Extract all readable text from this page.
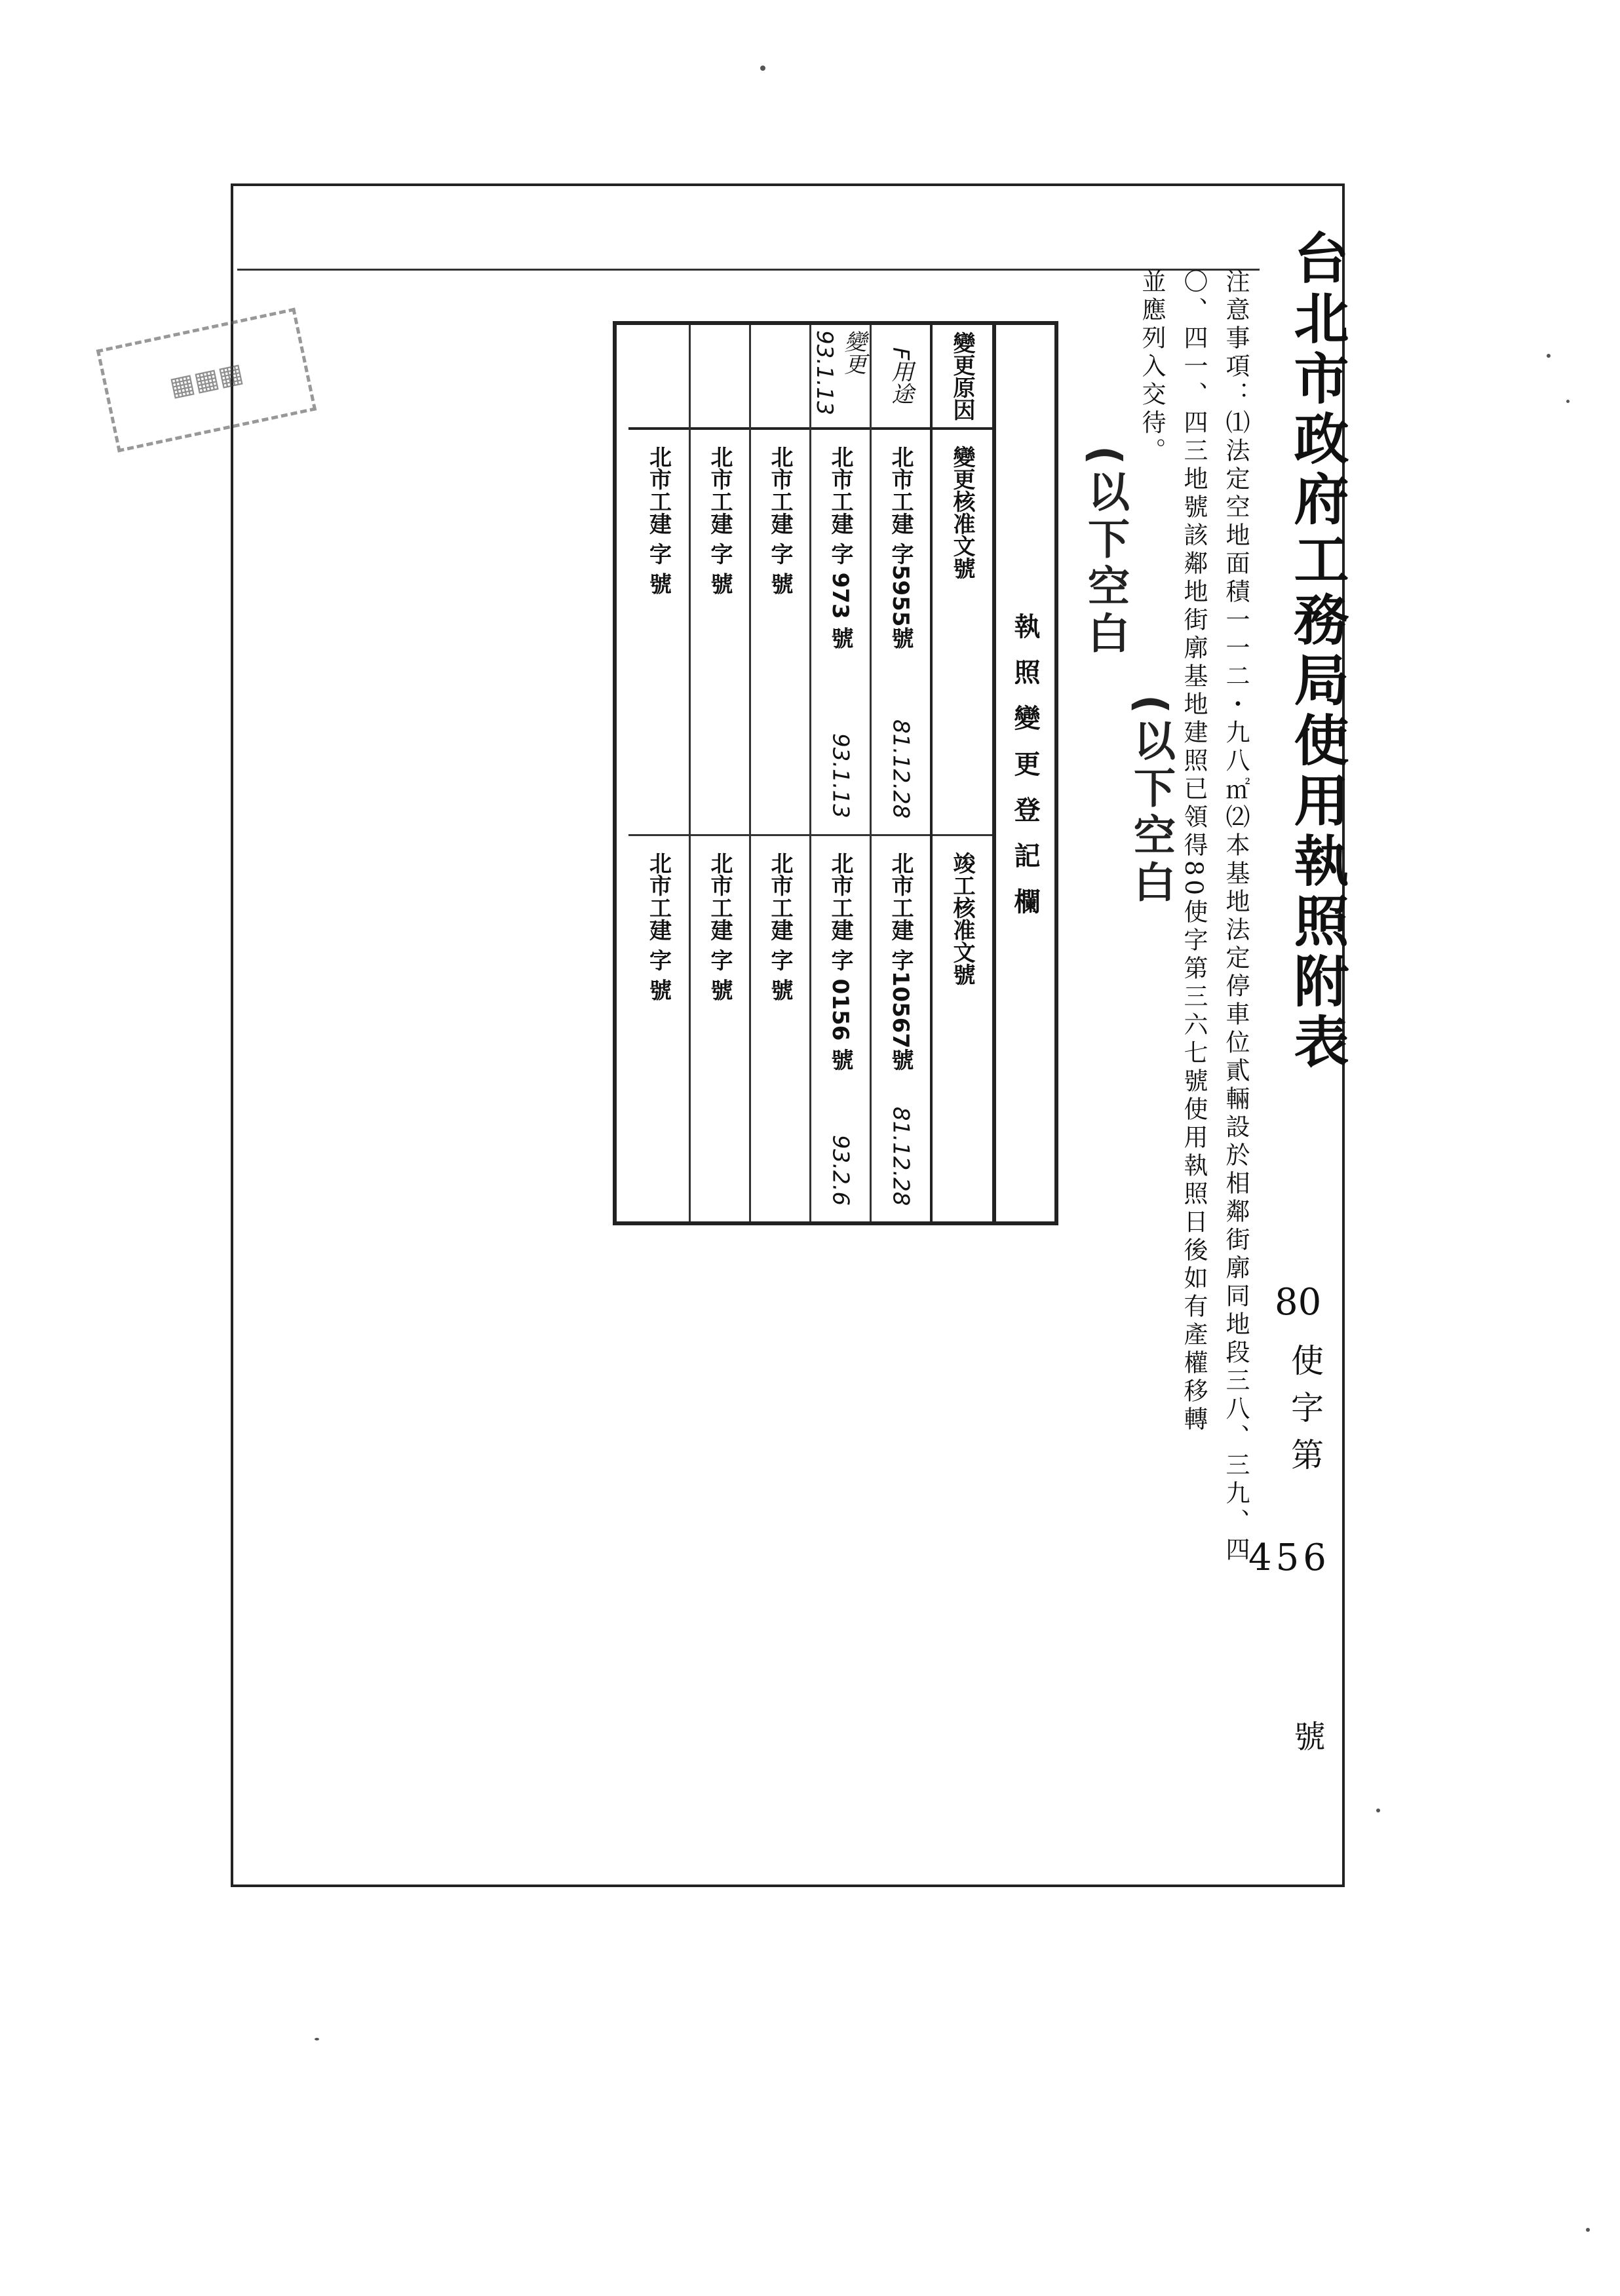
▦▦▦	台北市政府工務局使用執照附表
80
使字第
456
號
注意事項：⑴法定空地面積一一二・九八㎡⑵本基地法定停車位貳輛設於相鄰街廓同地段三八、三九、四
〇、四一、四三地號該鄰地街廓基地建照已領得80使字第三六七號使用執照日後如有產權移轉
並應列入交待。
(以下空白
(以下空白
執照變更登記欄
變更原因
變更核准文號
竣工核准文號
F用途
北市工建 字5955號
81.12.28
北市工建 字10567號
81.12.28
變更 93.1.13
北市工建 字 973 號
93.1.13
北市工建 字 0156 號
93.2.6
北市工建 字 號
北市工建 字 號
北市工建 字 號
北市工建 字 號
北市工建 字 號
北市工建 字 號
